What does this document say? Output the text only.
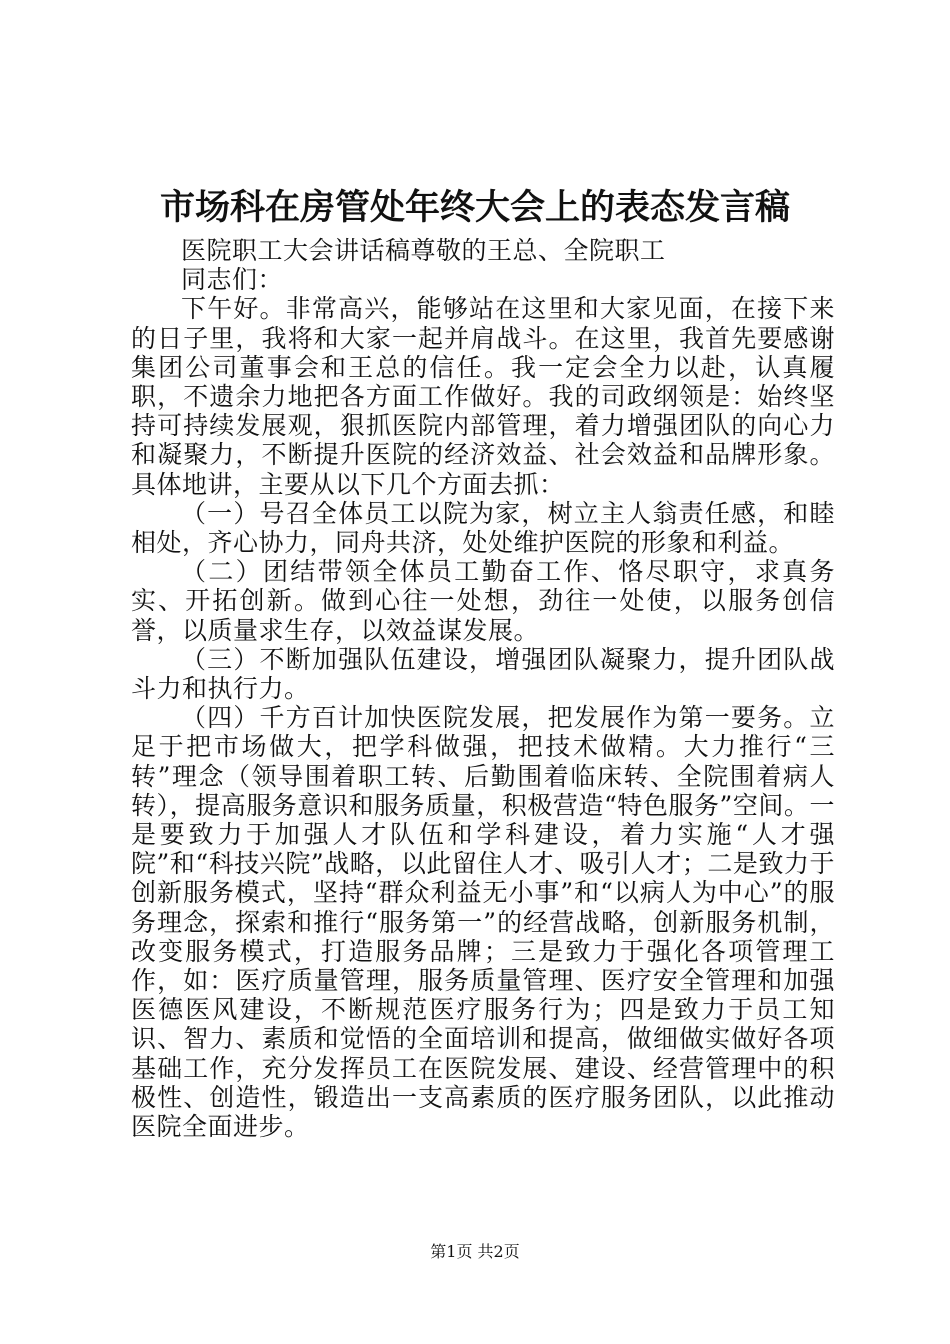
市场科在房管处年终大会上的表态发言稿

医院职工大会讲话稿尊敬的王总、全院职工

同志们：

下午好。非常高兴，能够站在这里和大家见面，在接下来的日子里，我将和大家一起并肩战斗。在这里，我首先要感谢集团公司董事会和王总的信任。我一定会全力以赴，认真履职，不遗余力地把各方面工作做好。我的司政纲领是：始终坚持可持续发展观，狠抓医院内部管理，着力增强团队的向心力和凝聚力，不断提升医院的经济效益、社会效益和品牌形象。具体地讲，主要从以下几个方面去抓：

（一）号召全体员工以院为家，树立主人翁责任感，和睦相处，齐心协力，同舟共济，处处维护医院的形象和利益。

（二）团结带领全体员工勤奋工作、恪尽职守，求真务实、开拓创新。做到心往一处想，劲往一处使，以服务创信誉，以质量求生存，以效益谋发展。

（三）不断加强队伍建设，增强团队凝聚力，提升团队战斗力和执行力。

（四）千方百计加快医院发展，把发展作为第一要务。立足于把市场做大，把学科做强，把技术做精。大力推行“三转”理念（领导围着职工转、后勤围着临床转、全院围着病人转），提高服务意识和服务质量，积极营造“特色服务”空间。一是要致力于加强人才队伍和学科建设，着力实施“人才强院”和“科技兴院”战略，以此留住人才、吸引人才；二是致力于创新服务模式，坚持“群众利益无小事”和“以病人为中心”的服务理念，探索和推行“服务第一”的经营战略，创新服务机制，改变服务模式，打造服务品牌；三是致力于强化各项管理工作，如：医疗质量管理，服务质量管理、医疗安全管理和加强医德医风建设，不断规范医疗服务行为；四是致力于员工知识、智力、素质和觉悟的全面培训和提高，做细做实做好各项基础工作，充分发挥员工在医院发展、建设、经营管理中的积极性、创造性，锻造出一支高素质的医疗服务团队，以此推动医院全面进步。

第1页 共2页
